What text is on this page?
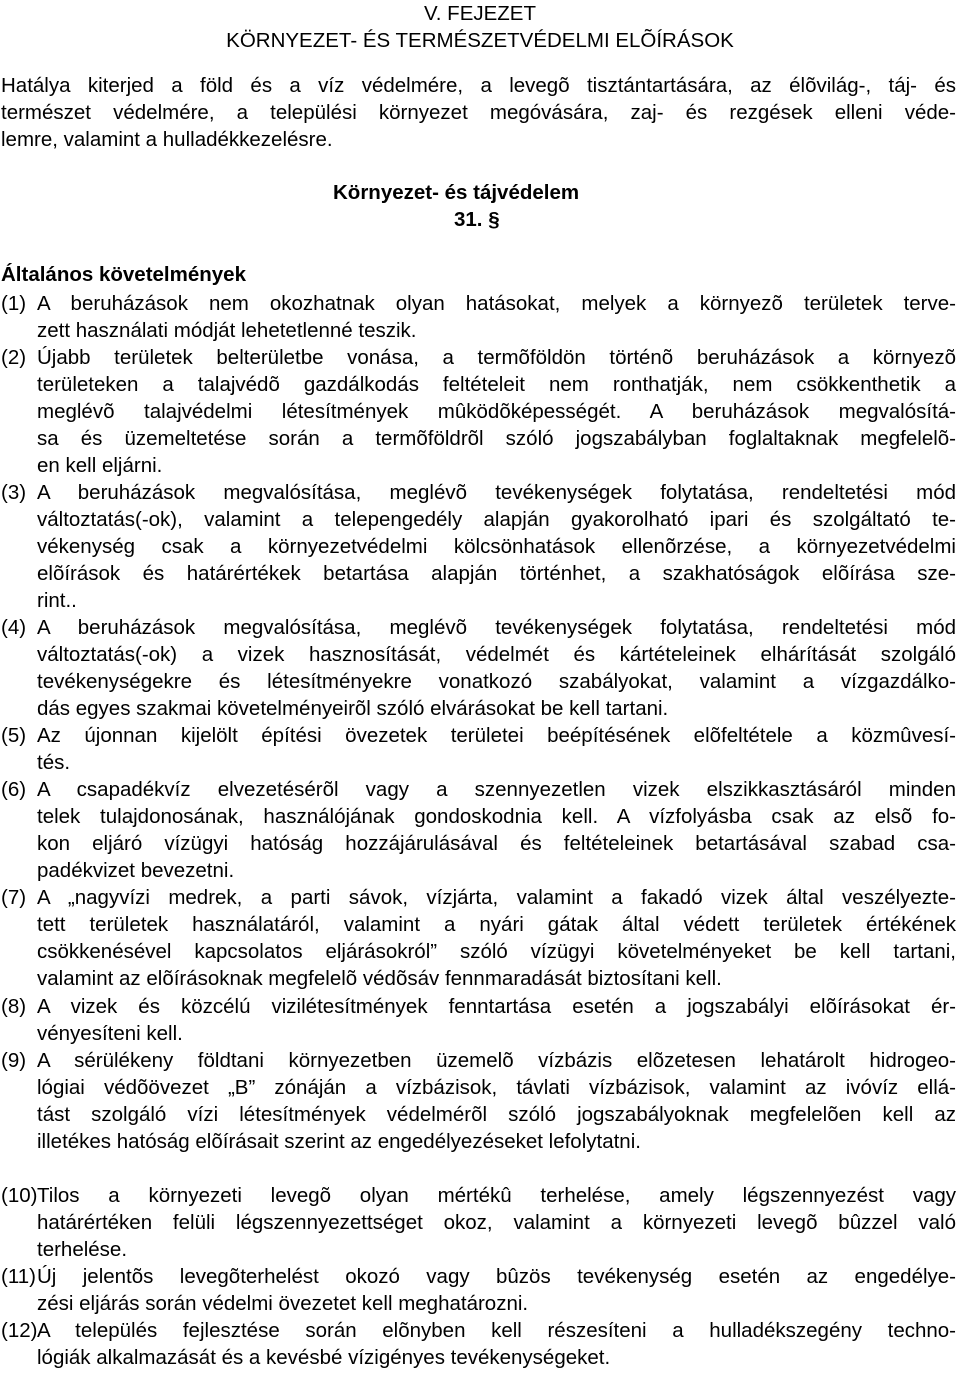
V. FEJEZET
KÖRNYEZET- ÉS TERMÉSZETVÉDELMI ELÕÍRÁSOK
Hatálya kiterjed a föld és a víz védelmére, a levegõ tisztántartására, az élõvilág-, táj- és
természet védelmére, a települési környezet megóvására, zaj- és rezgések elleni véde-
lemre, valamint a hulladékkezelésre.
Környezet- és tájvédelem
31. §
Általános követelmények
(1) A beruházások nem okozhatnak olyan hatásokat, melyek a környezõ területek terve-
zett használati módját lehetetlenné teszik.
(2) Újabb területek belterületbe vonása, a termõföldön történõ beruházások a környezõ
területeken a talajvédõ gazdálkodás feltételeit nem ronthatják, nem csökkenthetik a
meglévõ talajvédelmi létesítmények mûködõképességét. A beruházások megvalósítá-
sa és üzemeltetése során a termõföldrõl szóló jogszabályban foglaltaknak megfelelõ-
en kell eljárni.
(3) A beruházások megvalósítása, meglévõ tevékenységek folytatása, rendeltetési mód
változtatás(-ok), valamint a telepengedély alapján gyakorolható ipari és szolgáltató te-
vékenység csak a környezetvédelmi kölcsönhatások ellenõrzése, a környezetvédelmi
elõírások és határértékek betartása alapján történhet, a szakhatóságok elõírása sze-
rint..
(4) A beruházások megvalósítása, meglévõ tevékenységek folytatása, rendeltetési mód
változtatás(-ok) a vizek hasznosítását, védelmét és kártételeinek elhárítását szolgáló
tevékenységekre és létesítményekre vonatkozó szabályokat, valamint a vízgazdálko-
dás egyes szakmai követelményeirõl szóló elvárásokat be kell tartani.
(5) Az újonnan kijelölt építési övezetek területei beépítésének elõfeltétele a közmûvesí-
tés.
(6) A csapadékvíz elvezetésérõl vagy a szennyezetlen vizek elszikkasztásáról minden
telek tulajdonosának, használójának gondoskodnia kell. A vízfolyásba csak az elsõ fo-
kon eljáró vízügyi hatóság hozzájárulásával és feltételeinek betartásával szabad csa-
padékvizet bevezetni.
(7) A „nagyvízi medrek, a parti sávok, vízjárta, valamint a fakadó vizek által veszélyezte-
tett területek használatáról, valamint a nyári gátak által védett területek értékének
csökkenésével kapcsolatos eljárásokról” szóló vízügyi követelményeket be kell tartani,
valamint az elõírásoknak megfelelõ védõsáv fennmaradását biztosítani kell.
(8) A vizek és közcélú vizilétesítmények fenntartása esetén a jogszabályi elõírásokat ér-
vényesíteni kell.
(9) A sérülékeny földtani környezetben üzemelõ vízbázis elõzetesen lehatárolt hidrogeo-
lógiai védõövezet „B” zónáján a vízbázisok, távlati vízbázisok, valamint az ivóvíz ellá-
tást szolgáló vízi létesítmények védelmérõl szóló jogszabályoknak megfelelõen kell az
illetékes hatóság elõírásait szerint az engedélyezéseket lefolytatni.
(10) Tilos a környezeti levegõ olyan mértékû terhelése, amely légszennyezést vagy
határértéken felüli légszennyezettséget okoz, valamint a környezeti levegõ bûzzel való
terhelése.
(11) Új jelentõs levegõterhelést okozó vagy bûzös tevékenység esetén az engedélye-
zési eljárás során védelmi övezetet kell meghatározni.
(12) A település fejlesztése során elõnyben kell részesíteni a hulladékszegény techno-
lógiák alkalmazását és a kevésbé vízigényes tevékenységeket.
